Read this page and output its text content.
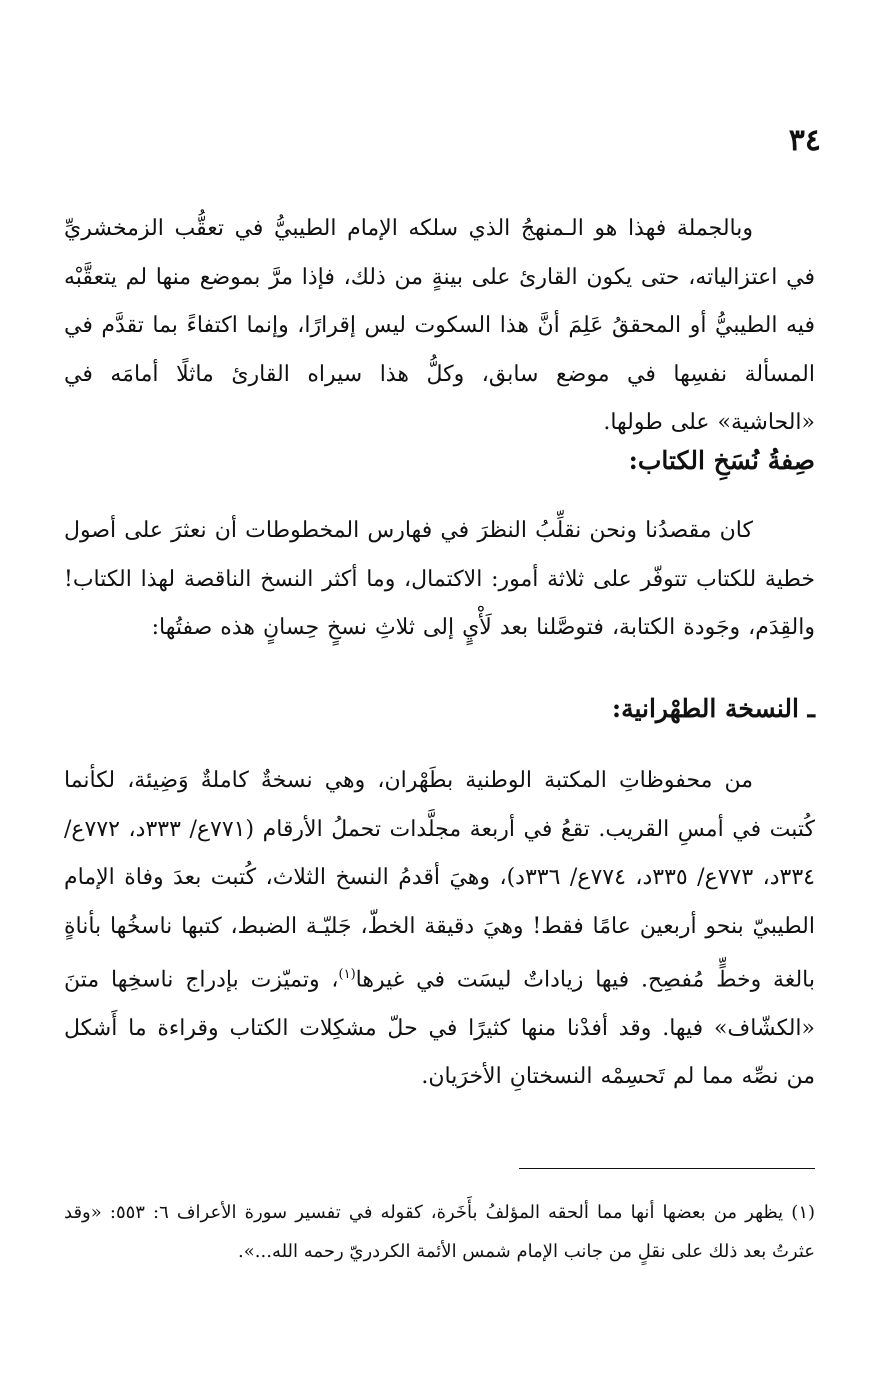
٣٤

وبالجملة فهذا هو الـمنهجُ الذي سلكه الإمام الطيبيُّ في تعقُّب الزمخشريِّ في اعتزالياته، حتى يكون القارئ على بينةٍ من ذلك، فإذا مرَّ بموضع منها لم يتعقَّبْه فيه الطيبيُّ أو المحققُ عَلِمَ أنَّ هذا السكوت ليس إقرارًا، وإنما اكتفاءً بما تقدَّم في المسألة نفسِها في موضع سابق، وكلُّ هذا سيراه القارئ ماثلًا أمامَه في «الحاشية» على طولها.

صِفةُ نُسَخِ الكتاب:

كان مقصدُنا ونحن نقلِّبُ النظرَ في فهارس المخطوطات أن نعثرَ على أصول خطية للكتاب تتوفّر على ثلاثة أمور: الاكتمال، وما أكثر النسخ الناقصة لهذا الكتاب! والقِدَم، وجَودة الكتابة، فتوصَّلنا بعد لَأْيٍ إلى ثلاثِ نسخٍ حِسانٍ هذه صفتُها:

ـ النسخة الطهْرانية:

من محفوظاتِ المكتبة الوطنية بطَهْران، وهي نسخةٌ كاملةٌ وَضِيئة، لكأنما كُتبت في أمسِ القريب. تقعُ في أربعة مجلَّدات تحملُ الأرقام (٧٧١ع/ ٣٣٣د، ٧٧٢ع/ ٣٣٤د، ٧٧٣ع/ ٣٣٥د، ٧٧٤ع/ ٣٣٦د)، وهيَ أقدمُ النسخ الثلاث، كُتبت بعدَ وفاة الإمام الطيبيّ بنحو أربعين عامًا فقط! وهيَ دقيقة الخطّ، جَليّـة الضبط، كتبها ناسخُها بأناةٍ بالغة وخطٍّ مُفصِح. فيها زياداتٌ ليسَت في غيرها$^{(١)}$، وتميّزت بإدراج ناسخِها متنَ «الكشّاف» فيها. وقد أفدْنا منها كثيرًا في حلّ مشكِلات الكتاب وقراءة ما أَشكل من نصِّه مما لم تَحسِمْه النسختانِ الأخرَيان.

(١) يظهر من بعضها أنها مما ألحقه المؤلفُ بأَخَرة، كقوله في تفسير سورة الأعراف ٦: ٥٥٣: «وقد عثرتُ بعد ذلك على نقلٍ من جانب الإمام شمس الأئمة الكردريّ رحمه الله...».
